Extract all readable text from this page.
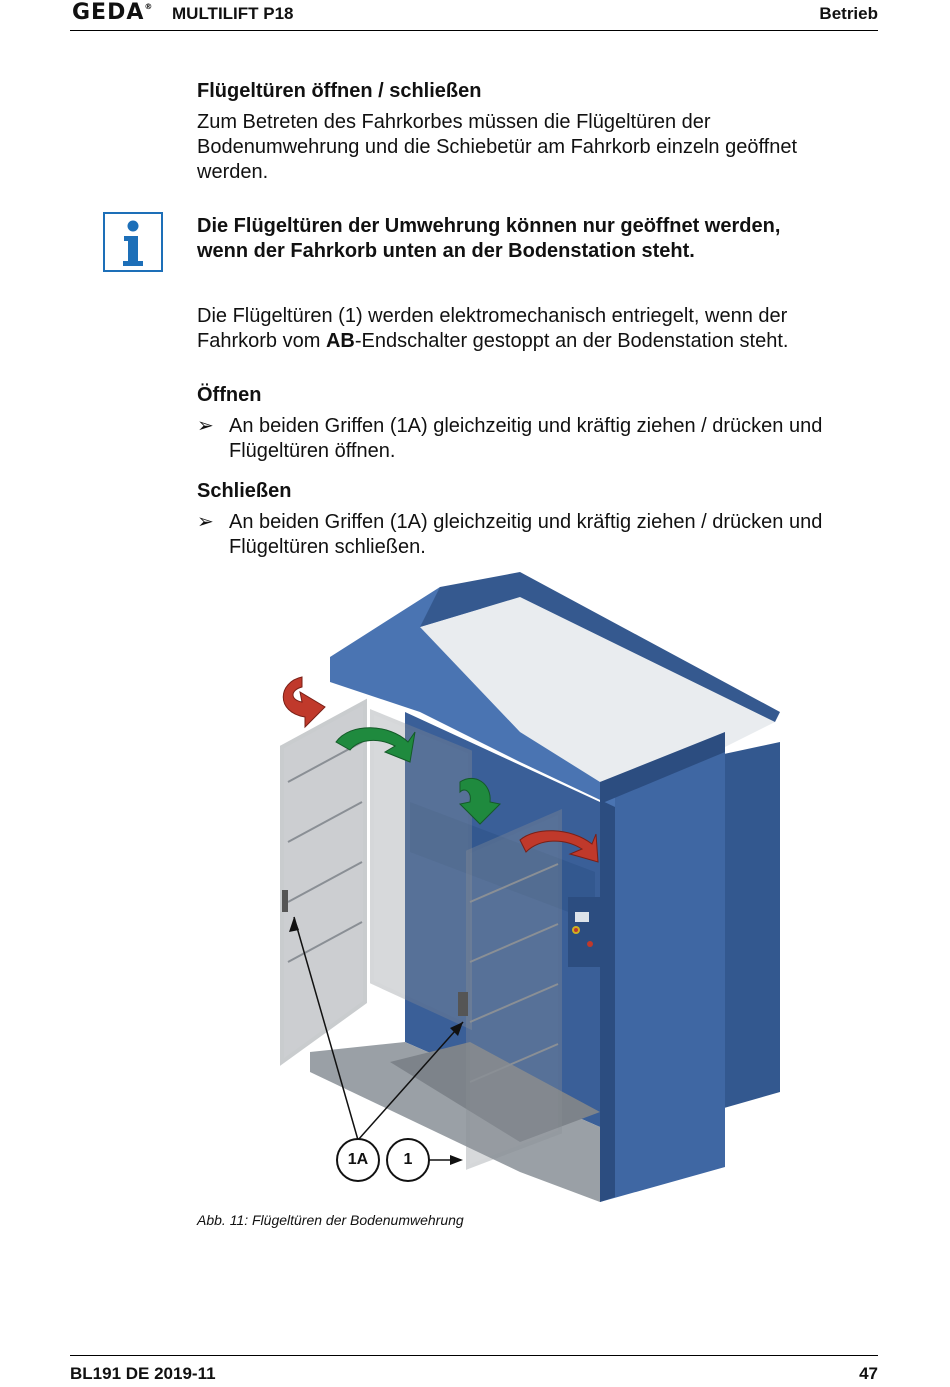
GEDA® MULTILIFT P18	Betrieb
Flügeltüren öffnen / schließen
Zum Betreten des Fahrkorbes müssen die Flügeltüren der
Bodenumwehrung und die Schiebetür am Fahrkorb einzeln geöffnet
werden.
Die Flügeltüren der Umwehrung können nur geöffnet werden,
wenn der Fahrkorb unten an der Bodenstation steht.
Die Flügeltüren (1) werden elektromechanisch entriegelt, wenn der
Fahrkorb vom AB-Endschalter gestoppt an der Bodenstation steht.
Öffnen
➢ An beiden Griffen (1A) gleichzeitig und kräftig ziehen / drücken und
Flügeltüren öffnen.
Schließen
➢ An beiden Griffen (1A) gleichzeitig und kräftig ziehen / drücken und
Flügeltüren schließen.
1A	1
Abb. 11: Flügeltüren der Bodenumwehrung
BL191 DE 2019-11	47
